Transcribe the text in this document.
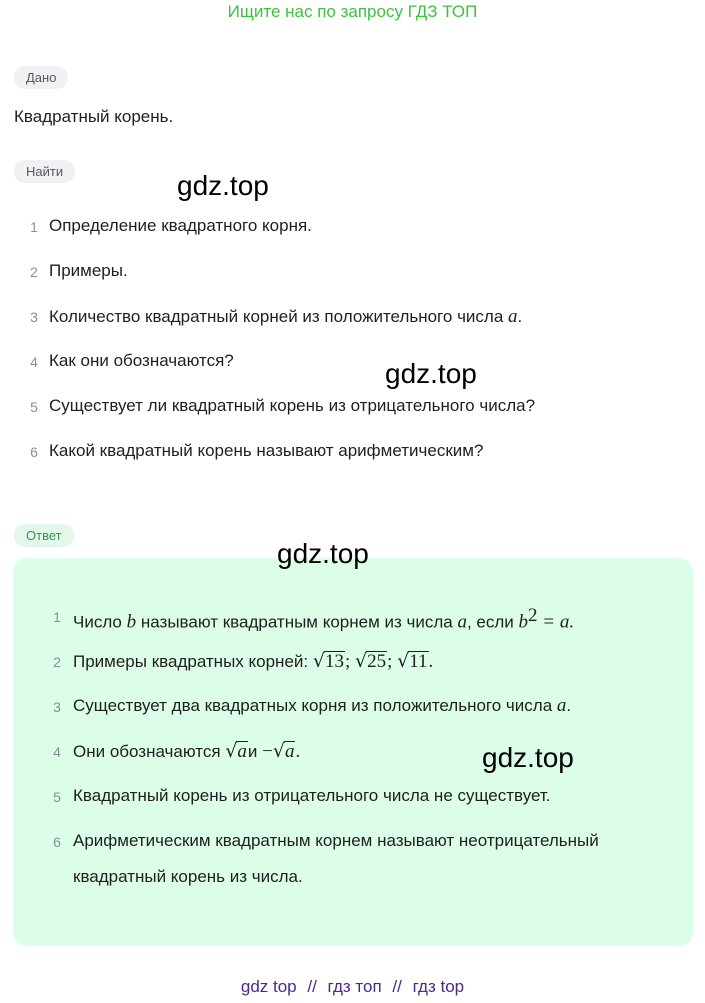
Ищите нас по запросу ГДЗ ТОП
Дано
Квадратный корень.
Найти	gdz.top
gdz.top
gdz.top
gdz.top
1 Определение квадратного корня.
2 Примеры.
3 Количество квадратный корней из положительного числа a.
4 Как они обозначаются?
5 Существует ли квадратный корень из отрицательного числа?
6 Какой квадратный корень называют арифметическим?
Ответ
1 Число b называют квадратным корнем из числа a, если $b^2 = a$.
2 Примеры квадратных корней: √13; √25; √11.
3 Существует два квадратных корня из положительного числа a.
4 Они обозначаются √aи −√a.
5 Квадратный корень из отрицательного числа не существует.
6 Арифметическим квадратным корнем называют неотрицательный квадратный корень из числа.
gdz top // гдз топ // гдз top
